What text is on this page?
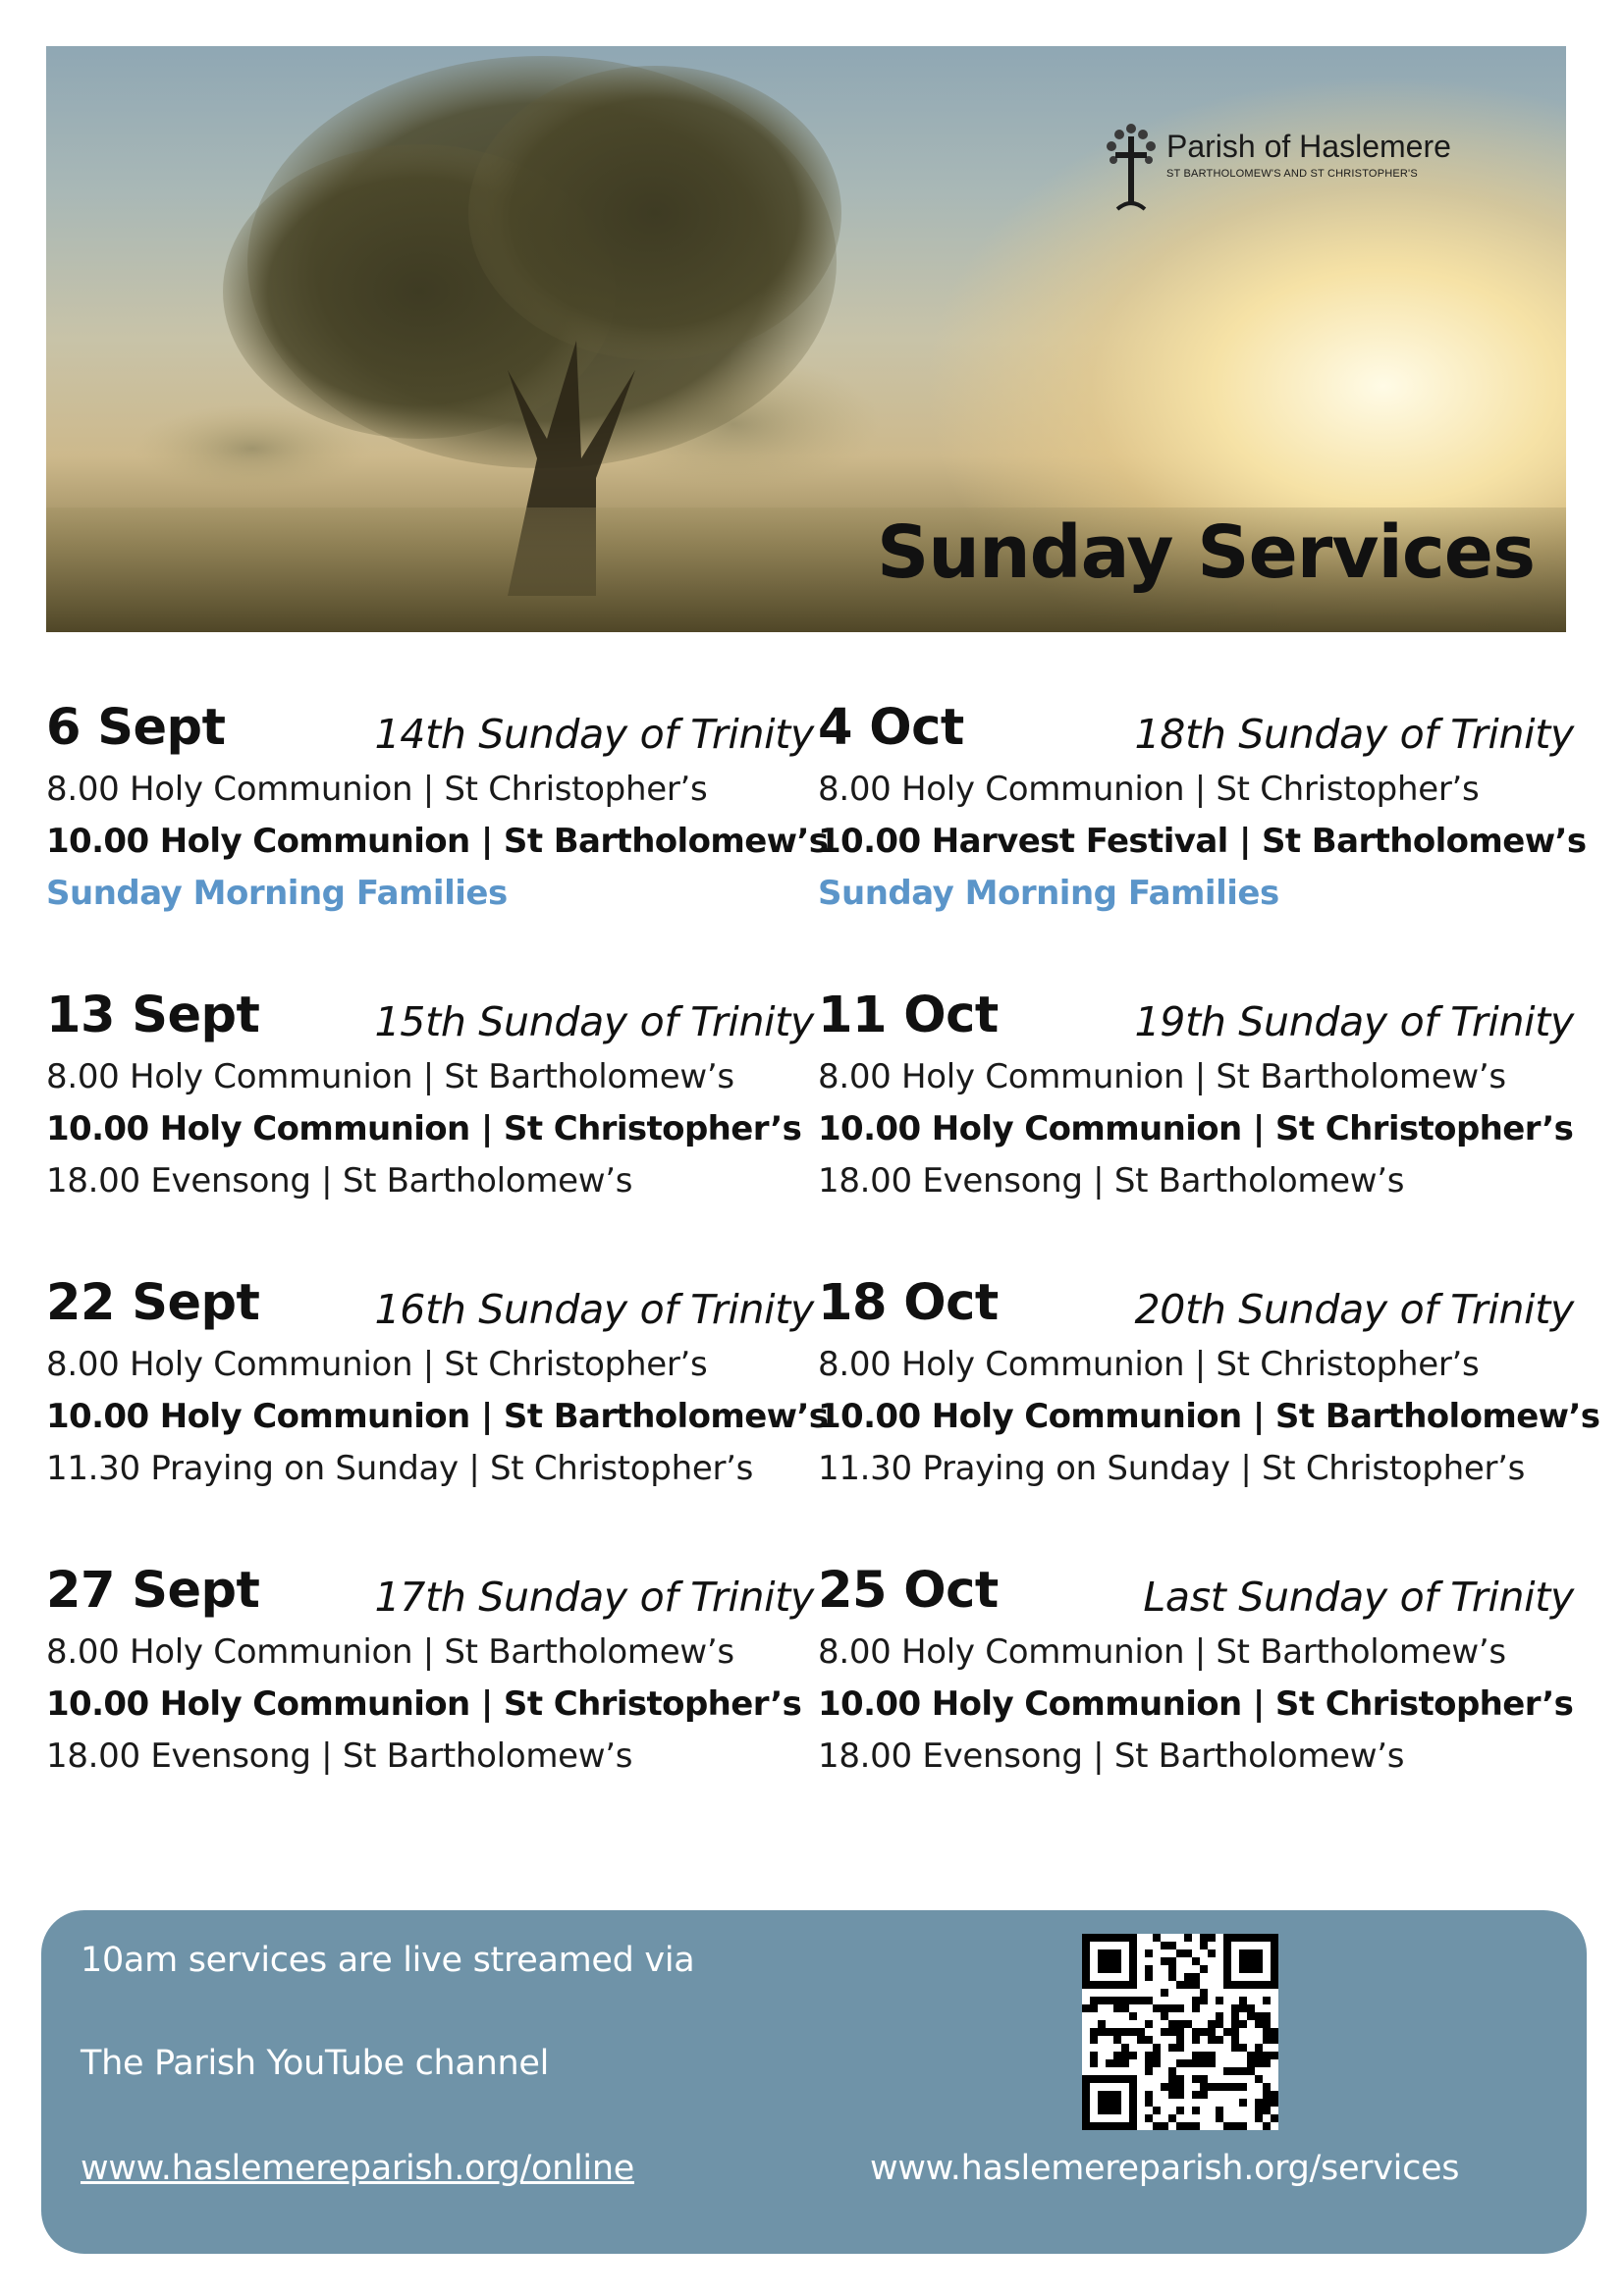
Parish of Haslemere
ST BARTHOLOMEW'S AND ST CHRISTOPHER'S
Sunday Services
6 Sept	14th Sunday of Trinity
8.00 Holy Communion | St Christopher’s
10.00 Holy Communion | St Bartholomew’s
Sunday Morning Families
13 Sept	15th Sunday of Trinity
8.00 Holy Communion | St Bartholomew’s
10.00 Holy Communion | St Christopher’s
18.00 Evensong | St Bartholomew’s
22 Sept	16th Sunday of Trinity
8.00 Holy Communion | St Christopher’s
10.00 Holy Communion | St Bartholomew’s
11.30 Praying on Sunday | St Christopher’s
27 Sept	17th Sunday of Trinity
8.00 Holy Communion | St Bartholomew’s
10.00 Holy Communion | St Christopher’s
18.00 Evensong | St Bartholomew’s
4 Oct	18th Sunday of Trinity
8.00 Holy Communion | St Christopher’s
10.00 Harvest Festival | St Bartholomew’s
Sunday Morning Families
11 Oct	19th Sunday of Trinity
8.00 Holy Communion | St Bartholomew’s
10.00 Holy Communion | St Christopher’s
18.00 Evensong | St Bartholomew’s
18 Oct	20th Sunday of Trinity
8.00 Holy Communion | St Christopher’s
10.00 Holy Communion | St Bartholomew’s
11.30 Praying on Sunday | St Christopher’s
25 Oct	Last Sunday of Trinity
8.00 Holy Communion | St Bartholomew’s
10.00 Holy Communion | St Christopher’s
18.00 Evensong | St Bartholomew’s
10am services are live streamed via
The Parish YouTube channel
www.haslemereparish.org/online	www.haslemereparish.org/services
